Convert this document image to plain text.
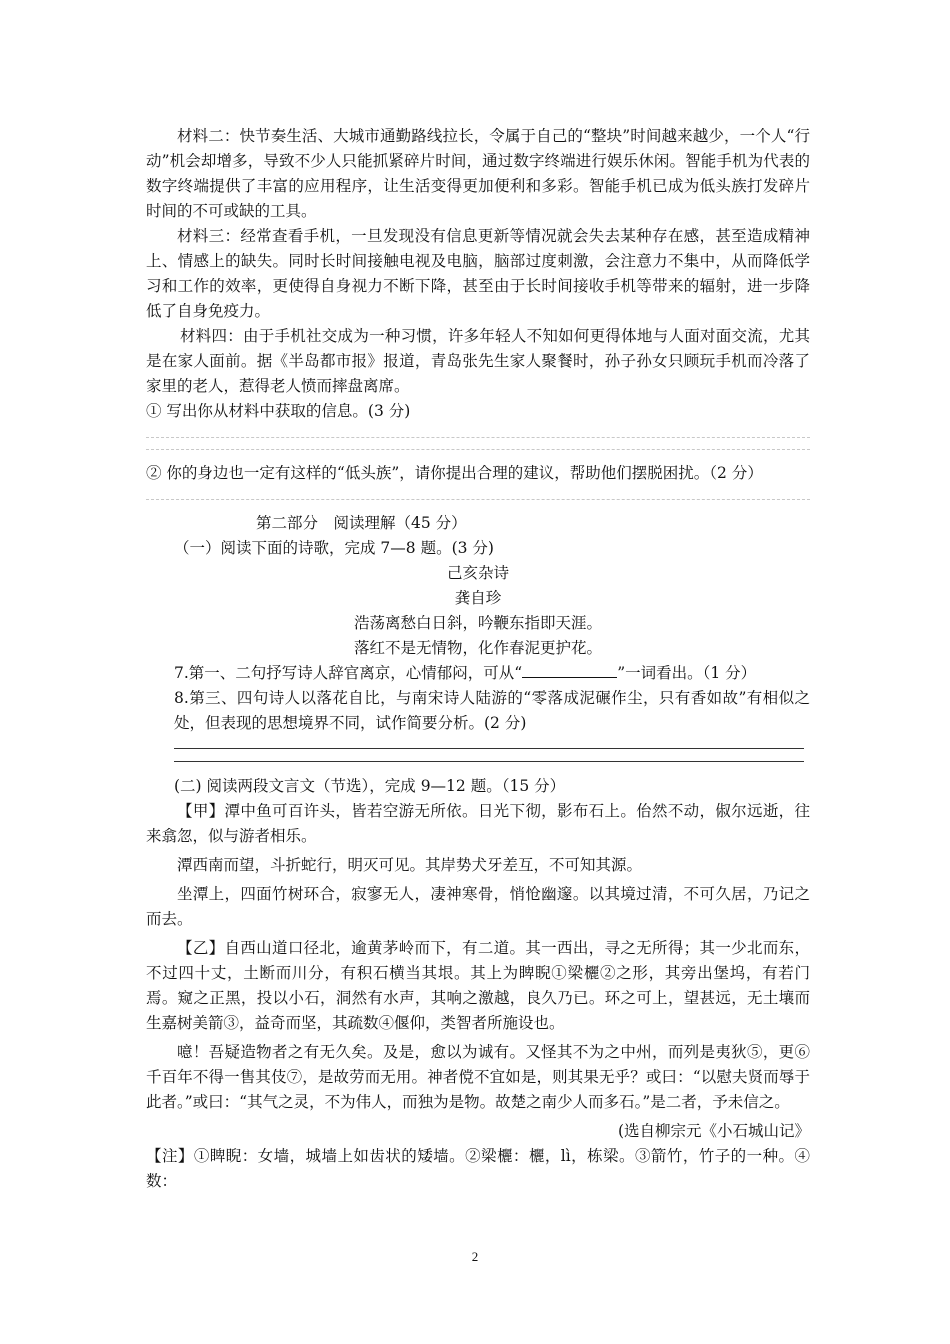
材料二：快节奏生活、大城市通勤路线拉长，令属于自己的“整块”时间越来越少，一个人“行动”机会却增多，导致不少人只能抓紧碎片时间，通过数字终端进行娱乐休闲。智能手机为代表的数字终端提供了丰富的应用程序，让生活变得更加便利和多彩。智能手机已成为低头族打发碎片时间的不可或缺的工具。

材料三：经常查看手机，一旦发现没有信息更新等情况就会失去某种存在感，甚至造成精神上、情感上的缺失。同时长时间接触电视及电脑，脑部过度刺激，会注意力不集中，从而降低学习和工作的效率，更使得自身视力不断下降，甚至由于长时间接收手机等带来的辐射，进一步降低了自身免疫力。

材料四：由于手机社交成为一种习惯，许多年轻人不知如何更得体地与人面对面交流，尤其是在家人面前。据《半岛都市报》报道，青岛张先生家人聚餐时，孙子孙女只顾玩手机而冷落了家里的老人，惹得老人愤而摔盘离席。

① 写出你从材料中获取的信息。(3 分)

② 你的身边也一定有这样的“低头族”，请你提出合理的建议，帮助他们摆脱困扰。（2 分）

第二部分　阅读理解（45 分）

（一）阅读下面的诗歌，完成 7—8 题。(3 分)

己亥杂诗

龚自珍

浩荡离愁白日斜，吟鞭东指即天涯。

落红不是无情物，化作春泥更护花。

7.第一、二句抒写诗人辞官离京，心情郁闷，可从“	”一词看出。（1 分）

8.第三、四句诗人以落花自比，与南宋诗人陆游的“零落成泥碾作尘，只有香如故”有相似之处，但表现的思想境界不同，试作简要分析。(2 分)

(二) 阅读两段文言文（节选），完成 9—12 题。（15 分）

【甲】潭中鱼可百许头，皆若空游无所依。日光下彻，影布石上。佁然不动，俶尔远逝，往来翕忽，似与游者相乐。

潭西南而望，斗折蛇行，明灭可见。其岸势犬牙差互，不可知其源。

坐潭上，四面竹树环合，寂寥无人，凄神寒骨，悄怆幽邃。以其境过清，不可久居，乃记之而去。

【乙】自西山道口径北，逾黄茅岭而下，有二道。其一西出，寻之无所得；其一少北而东，不过四十丈，土断而川分，有积石横当其垠。其上为睥睨①梁欐②之形，其旁出堡坞，有若门焉。窥之正黑，投以小石，洞然有水声，其响之激越，良久乃已。环之可上，望甚远，无土壤而生嘉树美箭③，益奇而坚，其疏数④偃仰，类智者所施设也。

噫！吾疑造物者之有无久矣。及是，愈以为诚有。又怪其不为之中州，而列是夷狄⑤，更⑥千百年不得一售其伎⑦，是故劳而无用。神者傥不宜如是，则其果无乎？或曰：“以慰夫贤而辱于此者。”或曰：“其气之灵，不为伟人，而独为是物。故楚之南少人而多石。”是二者，予未信之。

(选自柳宗元《小石城山记》

【注】①睥睨：女墙，城墙上如齿状的矮墙。②梁欐：欐，lì，栋梁。③箭竹，竹子的一种。④数：

2
